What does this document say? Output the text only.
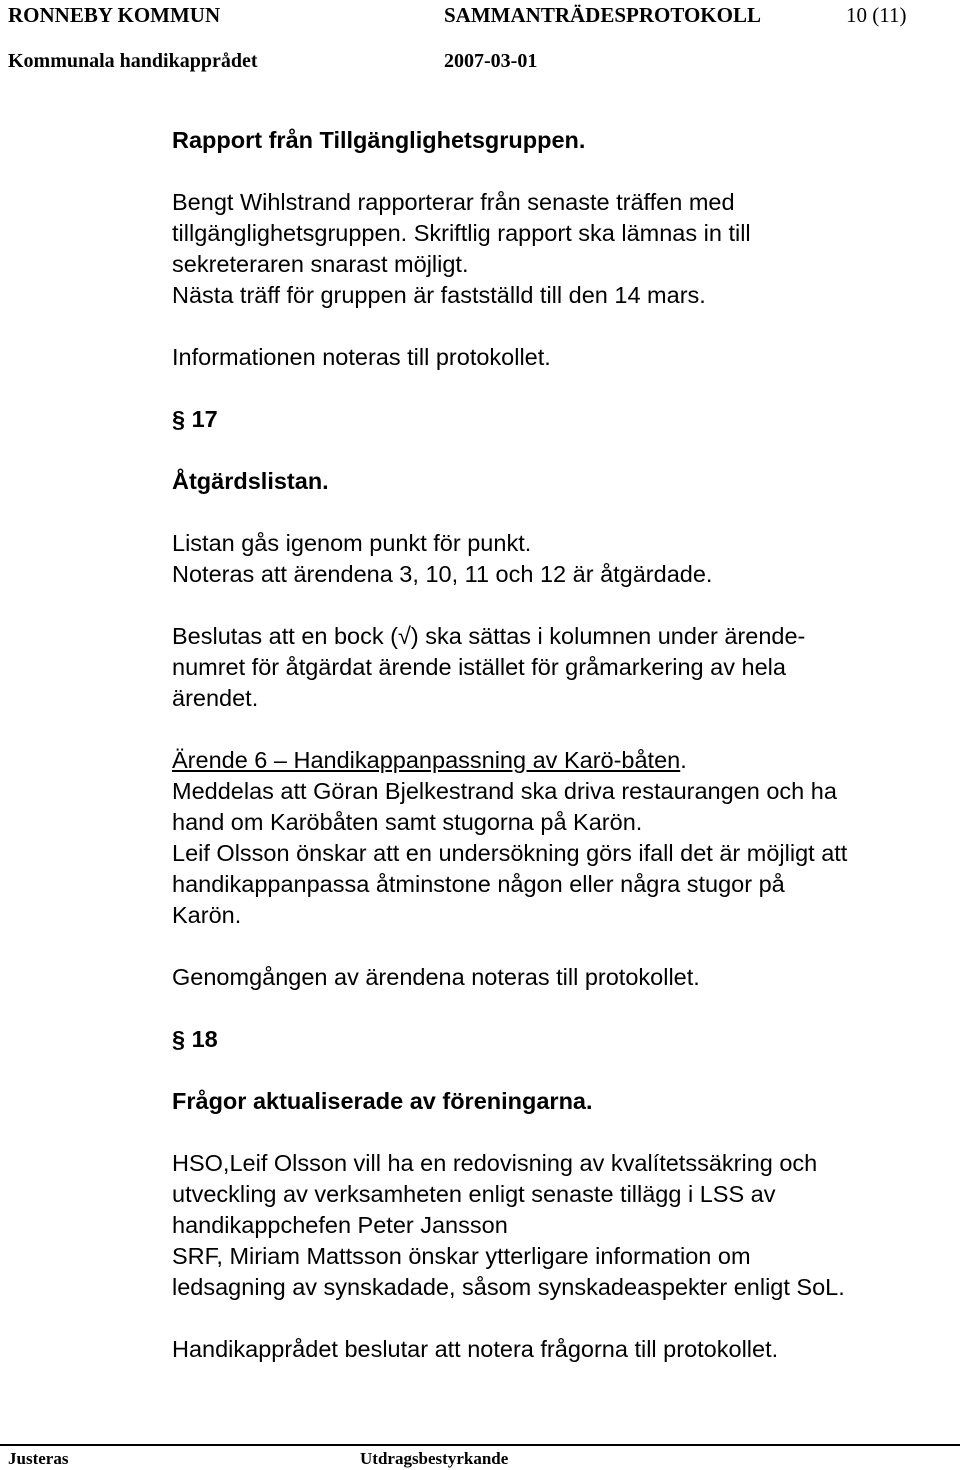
RONNEBY KOMMUN	SAMMANTRÄDESPROTOKOLL	10 (11)
Kommunala handikapprådet	2007-03-01

Rapport från Tillgänglighetsgruppen.

Bengt Wihlstrand rapporterar från senaste träffen med

tillgänglighetsgruppen. Skriftlig rapport ska lämnas in till

sekreteraren snarast möjligt.

Nästa träff för gruppen är fastställd till den 14 mars.

Informationen noteras till protokollet.

§ 17

Åtgärdslistan.

Listan gås igenom punkt för punkt.

Noteras att ärendena 3, 10, 11 och 12 är åtgärdade.

Beslutas att en bock (√) ska sättas i kolumnen under ärende-

numret för åtgärdat ärende istället för gråmarkering av hela

ärendet.

Ärende 6 – Handikappanpassning av Karö-båten.

Meddelas att Göran Bjelkestrand ska driva restaurangen och ha

hand om Karöbåten samt stugorna på Karön.

Leif Olsson önskar att en undersökning görs ifall det är möjligt att

handikappanpassa åtminstone någon eller några stugor på

Karön.

Genomgången av ärendena noteras till protokollet.

§ 18

Frågor aktualiserade av föreningarna.

HSO,Leif Olsson vill ha en redovisning av kvalítetssäkring och

utveckling av verksamheten enligt senaste tillägg i LSS av

handikappchefen Peter Jansson

SRF, Miriam Mattsson önskar ytterligare information om

ledsagning av synskadade, såsom synskadeaspekter enligt SoL.

Handikapprådet beslutar att notera frågorna till protokollet.

Justeras	Utdragsbestyrkande
